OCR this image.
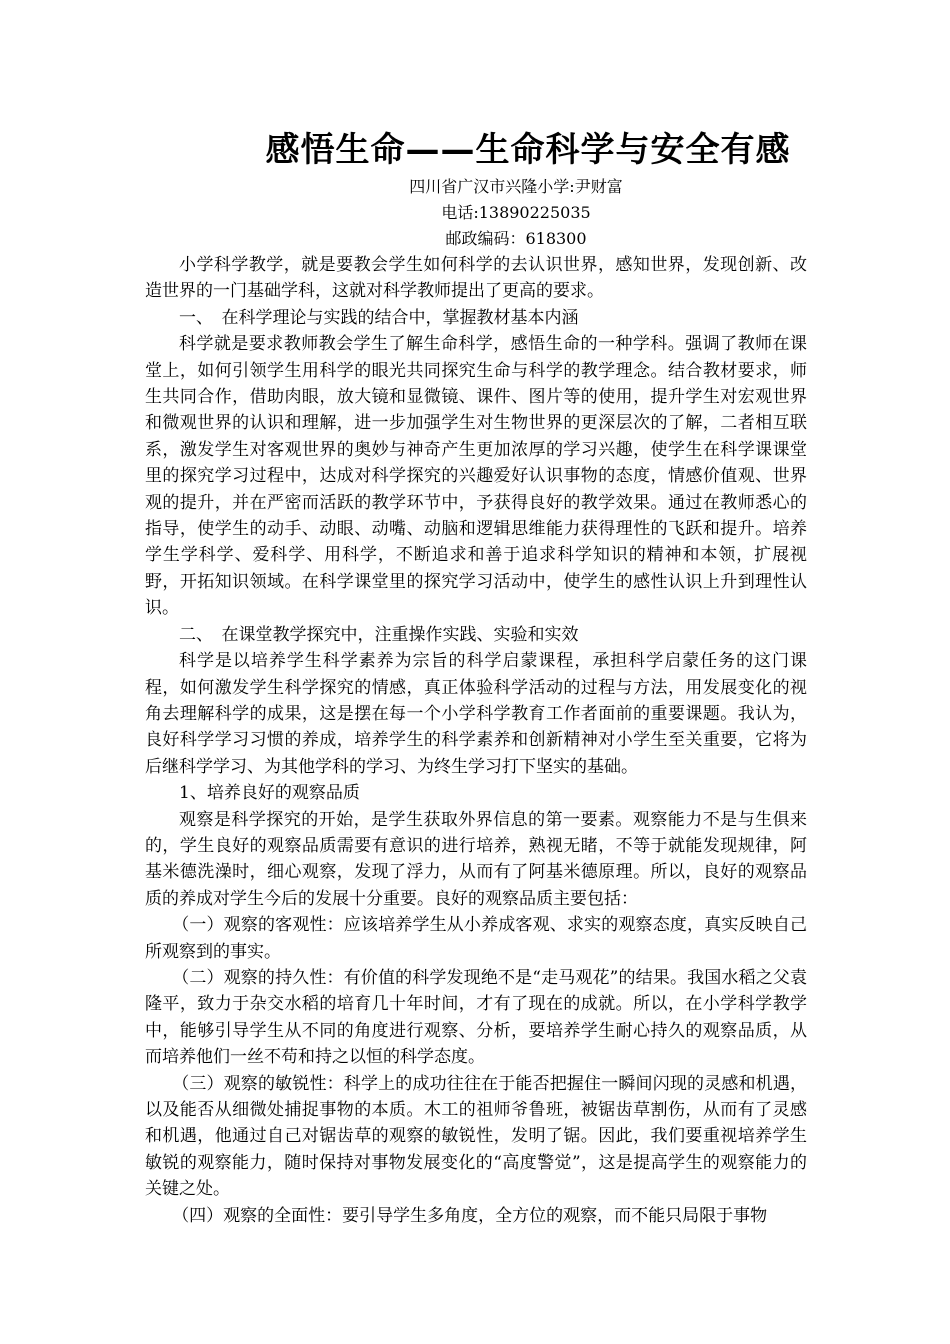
感悟生命——生命科学与安全有感
四川省广汉市兴隆小学:尹财富
电话:13890225035
邮政编码：618300

小学科学教学，就是要教会学生如何科学的去认识世界，感知世界，发现创新、改造世界的一门基础学科，这就对科学教师提出了更高的要求。

一、　在科学理论与实践的结合中，掌握教材基本内涵

科学就是要求教师教会学生了解生命科学，感悟生命的一种学科。强调了教师在课堂上，如何引领学生用科学的眼光共同探究生命与科学的教学理念。结合教材要求，师生共同合作，借助肉眼，放大镜和显微镜、课件、图片等的使用，提升学生对宏观世界和微观世界的认识和理解，进一步加强学生对生物世界的更深层次的了解，二者相互联系，激发学生对客观世界的奥妙与神奇产生更加浓厚的学习兴趣，使学生在科学课课堂里的探究学习过程中，达成对科学探究的兴趣爱好认识事物的态度，情感价值观、世界观的提升，并在严密而活跃的教学环节中，予获得良好的教学效果。通过在教师悉心的指导，使学生的动手、动眼、动嘴、动脑和逻辑思维能力获得理性的飞跃和提升。培养学生学科学、爱科学、用科学，不断追求和善于追求科学知识的精神和本领，扩展视野，开拓知识领域。在科学课堂里的探究学习活动中，使学生的感性认识上升到理性认识。

二、　在课堂教学探究中，注重操作实践、实验和实效

科学是以培养学生科学素养为宗旨的科学启蒙课程，承担科学启蒙任务的这门课程，如何激发学生科学探究的情感，真正体验科学活动的过程与方法，用发展变化的视角去理解科学的成果，这是摆在每一个小学科学教育工作者面前的重要课题。我认为，良好科学学习习惯的养成，培养学生的科学素养和创新精神对小学生至关重要，它将为后继科学学习、为其他学科的学习、为终生学习打下坚实的基础。

1、培养良好的观察品质

观察是科学探究的开始，是学生获取外界信息的第一要素。观察能力不是与生俱来的，学生良好的观察品质需要有意识的进行培养，熟视无睹，不等于就能发现规律，阿基米德洗澡时，细心观察，发现了浮力，从而有了阿基米德原理。所以，良好的观察品质的养成对学生今后的发展十分重要。良好的观察品质主要包括：

（一）观察的客观性：应该培养学生从小养成客观、求实的观察态度，真实反映自己所观察到的事实。

（二）观察的持久性：有价值的科学发现绝不是“走马观花”的结果。我国水稻之父袁隆平，致力于杂交水稻的培育几十年时间，才有了现在的成就。所以，在小学科学教学中，能够引导学生从不同的角度进行观察、分析，要培养学生耐心持久的观察品质，从而培养他们一丝不苟和持之以恒的科学态度。

（三）观察的敏锐性：科学上的成功往往在于能否把握住一瞬间闪现的灵感和机遇，以及能否从细微处捕捉事物的本质。木工的祖师爷鲁班，被锯齿草割伤，从而有了灵感和机遇，他通过自己对锯齿草的观察的敏锐性，发明了锯。因此，我们要重视培养学生敏锐的观察能力，随时保持对事物发展变化的“高度警觉”，这是提高学生的观察能力的关键之处。

（四）观察的全面性：要引导学生多角度，全方位的观察，而不能只局限于事物
